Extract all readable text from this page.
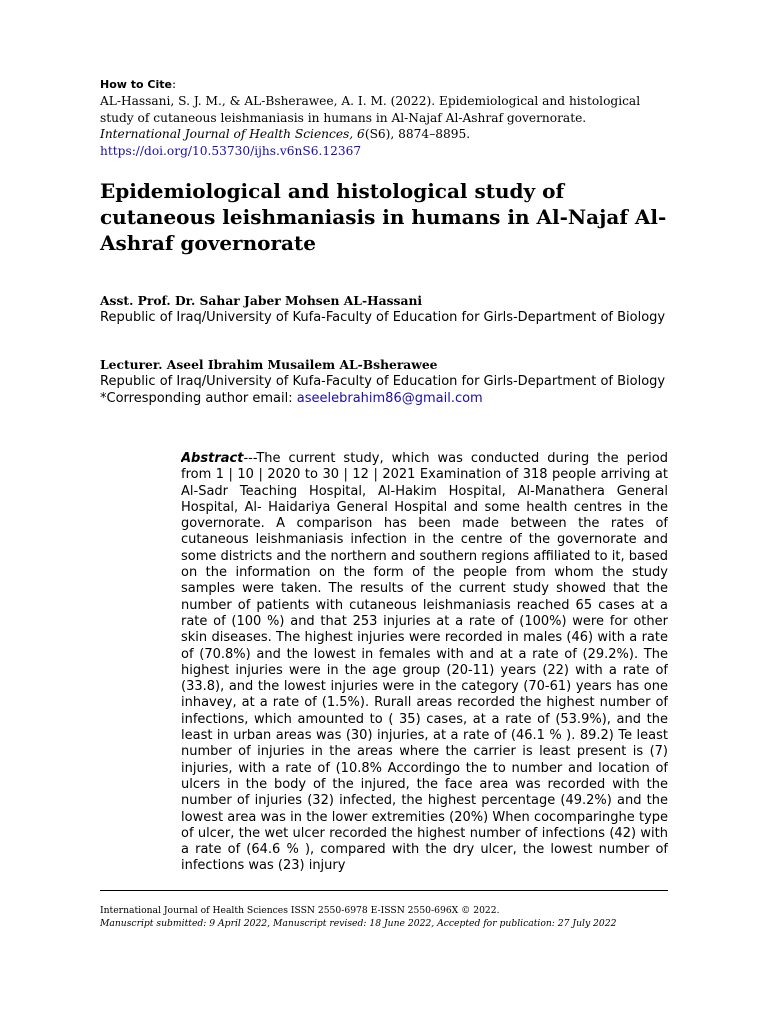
How to Cite:
AL-Hassani, S. J. M., & AL-Bsherawee, A. I. M. (2022). Epidemiological and histological study of cutaneous leishmaniasis in humans in Al-Najaf Al-Ashraf governorate. International Journal of Health Sciences, 6(S6), 8874–8895.
https://doi.org/10.53730/ijhs.v6nS6.12367
Epidemiological and histological study of cutaneous leishmaniasis in humans in Al-Najaf Al-Ashraf governorate
Asst. Prof. Dr. Sahar Jaber Mohsen AL-Hassani
Republic of Iraq/University of Kufa-Faculty of Education for Girls-Department of Biology
Lecturer. Aseel Ibrahim Musailem AL-Bsherawee
Republic of Iraq/University of Kufa-Faculty of Education for Girls-Department of Biology
*Corresponding author email: aseelebrahim86@gmail.com
Abstract---The current study, which was conducted during the period from 1 | 10 | 2020 to 30 | 12 | 2021 Examination of 318 people arriving at Al-Sadr Teaching Hospital, Al-Hakim Hospital, Al-Manathera General Hospital, Al- Haidariya General Hospital and some health centres in the governorate. A comparison has been made between the rates of cutaneous leishmaniasis infection in the centre of the governorate and some districts and the northern and southern regions affiliated to it, based on the information on the form of the people from whom the study samples were taken. The results of the current study showed that the number of patients with cutaneous leishmaniasis reached 65 cases at a rate of (100 %) and that 253 injuries at a rate of (100%) were for other skin diseases. The highest injuries were recorded in males (46) with a rate of (70.8%) and the lowest in females with and at a rate of (29.2%). The highest injuries were in the age group (20-11) years (22) with a rate of (33.8), and the lowest injuries were in the category (70-61) years has one inhavey, at a rate of (1.5%). Rurall areas recorded the highest number of infections, which amounted to ( 35) cases, at a rate of (53.9%), and the least in urban areas was (30) injuries, at a rate of (46.1 % ). 89.2) Te least number of injuries in the areas where the carrier is least present is (7) injuries, with a rate of (10.8% Accordingo the to number and location of ulcers in the body of the injured, the face area was recorded with the number of injuries (32) infected, the highest percentage (49.2%) and the lowest area was in the lower extremities (20%) When cocomparinghe type of ulcer, the wet ulcer recorded the highest number of infections (42) with a rate of (64.6 % ), compared with the dry ulcer, the lowest number of infections was (23) injury
International Journal of Health Sciences ISSN 2550-6978 E-ISSN 2550-696X © 2022.
Manuscript submitted: 9 April 2022, Manuscript revised: 18 June 2022, Accepted for publication: 27 July 2022
